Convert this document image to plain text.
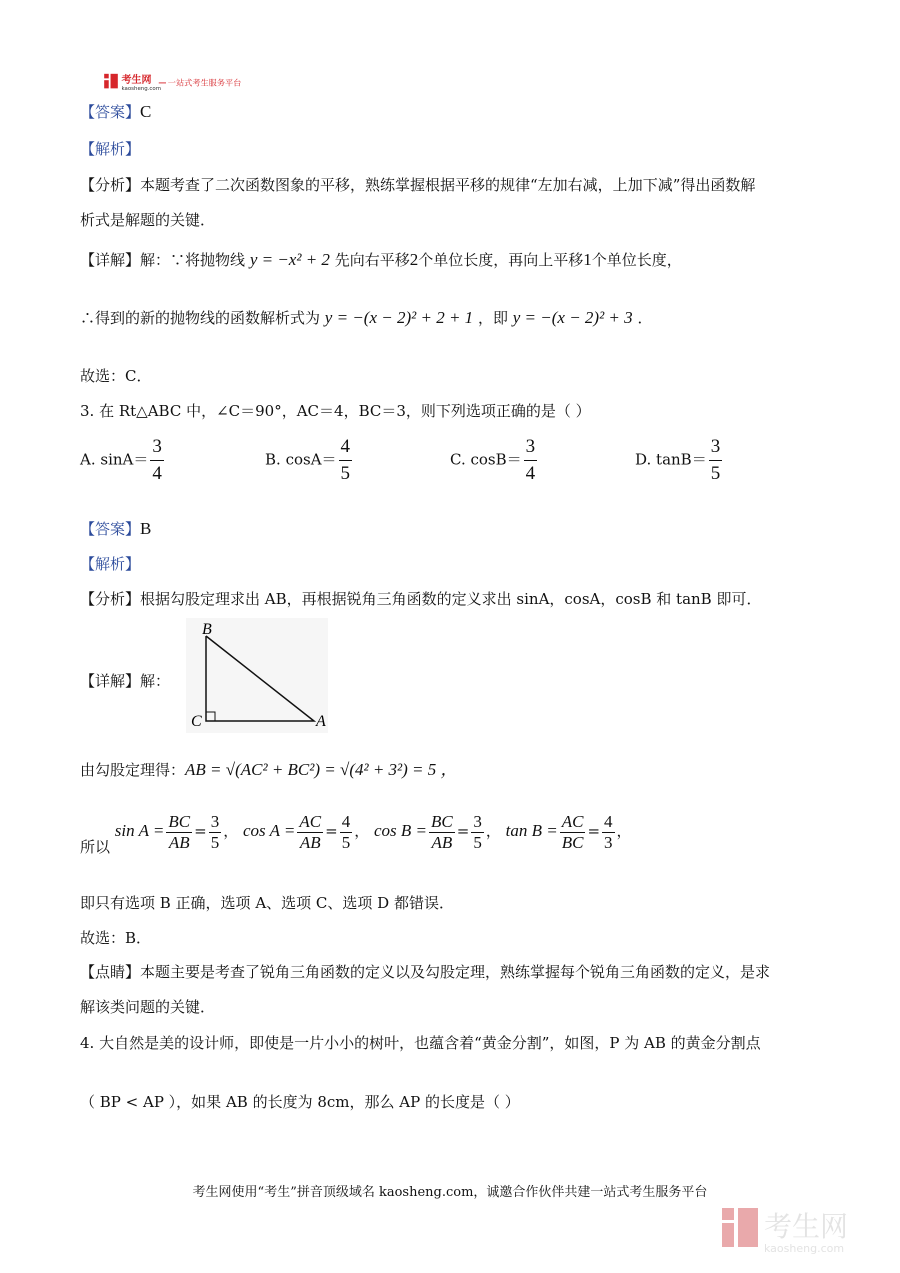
考生网
kaosheng.com
一站式考生服务平台
【答案】C
【解析】
【分析】本题考查了二次函数图象的平移，熟练掌握根据平移的规律“左加右减，上加下减”得出函数解
析式是解题的关键．
【详解】解：∵将抛物线 y = −x² + 2 先向右平移2个单位长度，再向上平移1个单位长度，
∴得到的新的抛物线的函数解析式为 y = −(x − 2)² + 2 + 1 ，即 y = −(x − 2)² + 3 ．
故选：C．
3. 在 Rt△ABC 中，∠C＝90°，AC＝4，BC＝3，则下列选项正确的是（ ）
A. $\sin A= \frac{3}{4}$	B. $\cos A= \frac{4}{5}$	C. $\cos B= \frac{3}{4}$	D. $\tan B= \frac{3}{5}$
【答案】B
【解析】
【分析】根据勾股定理求出 AB，再根据锐角三角函数的定义求出 sinA，cosA，cosB 和 tanB 即可．
B
C	A
【详解】解：
由勾股定理得：AB = √(AC² + BC²) = √(4² + 3²) = 5 ，
所以 $\sin A = \frac{BC}{AB} = \frac{3}{5}$ ， $\cos A = \frac{AC}{AB} = \frac{4}{5}$ ， $\cos B = \frac{BC}{AB} = \frac{3}{5}$ ， $\tan B = \frac{AC}{BC} = \frac{4}{3}$ ，
即只有选项 B 正确，选项 A、选项 C、选项 D 都错误．
故选：B．
【点睛】本题主要是考查了锐角三角函数的定义以及勾股定理，熟练掌握每个锐角三角函数的定义，是求
解该类问题的关键．
4. 大自然是美的设计师，即使是一片小小的树叶，也蕴含着“黄金分割”，如图，P 为 AB 的黄金分割点
（ BP < AP ），如果 AB 的长度为 8cm，那么 AP 的长度是（ ）
考生网使用“考生”拼音顶级域名 kaosheng.com，诚邀合作伙伴共建一站式考生服务平台
考生网
kaosheng.com
